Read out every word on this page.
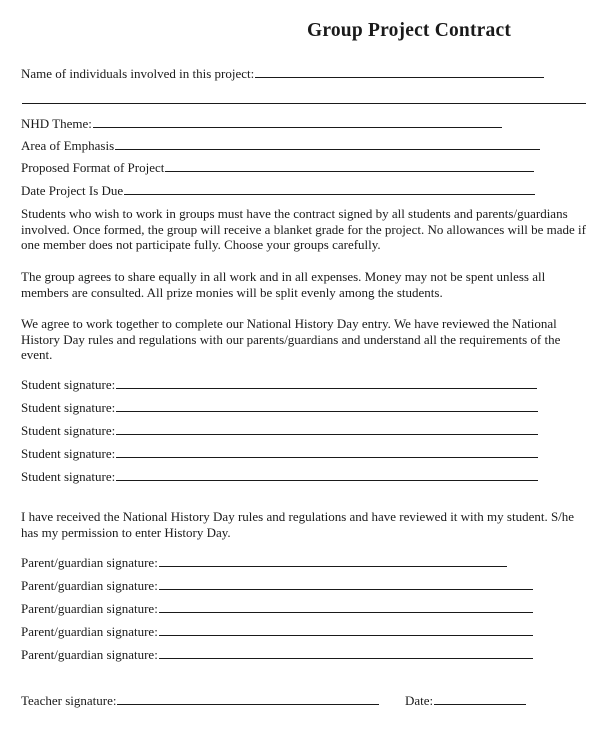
Group Project Contract
Name of individuals involved in this project:
NHD Theme:
Area of Emphasis
Proposed Format of Project
Date Project Is Due
Students who wish to work in groups must have the contract signed by all students and parents/guardians involved. Once formed, the group will receive a blanket grade for the project. No allowances will be made if one member does not participate fully. Choose your groups carefully.
The group agrees to share equally in all work and in all expenses. Money may not be spent unless all members are consulted. All prize monies will be split evenly among the students.
We agree to work together to complete our National History Day entry. We have reviewed the National History Day rules and regulations with our parents/guardians and understand all the requirements of the event.
Student signature:
Student signature:
Student signature:
Student signature:
Student signature:
I have received the National History Day rules and regulations and have reviewed it with my student. S/he has my permission to enter History Day.
Parent/guardian signature:
Parent/guardian signature:
Parent/guardian signature:
Parent/guardian signature:
Parent/guardian signature:
Teacher signature:	Date:
